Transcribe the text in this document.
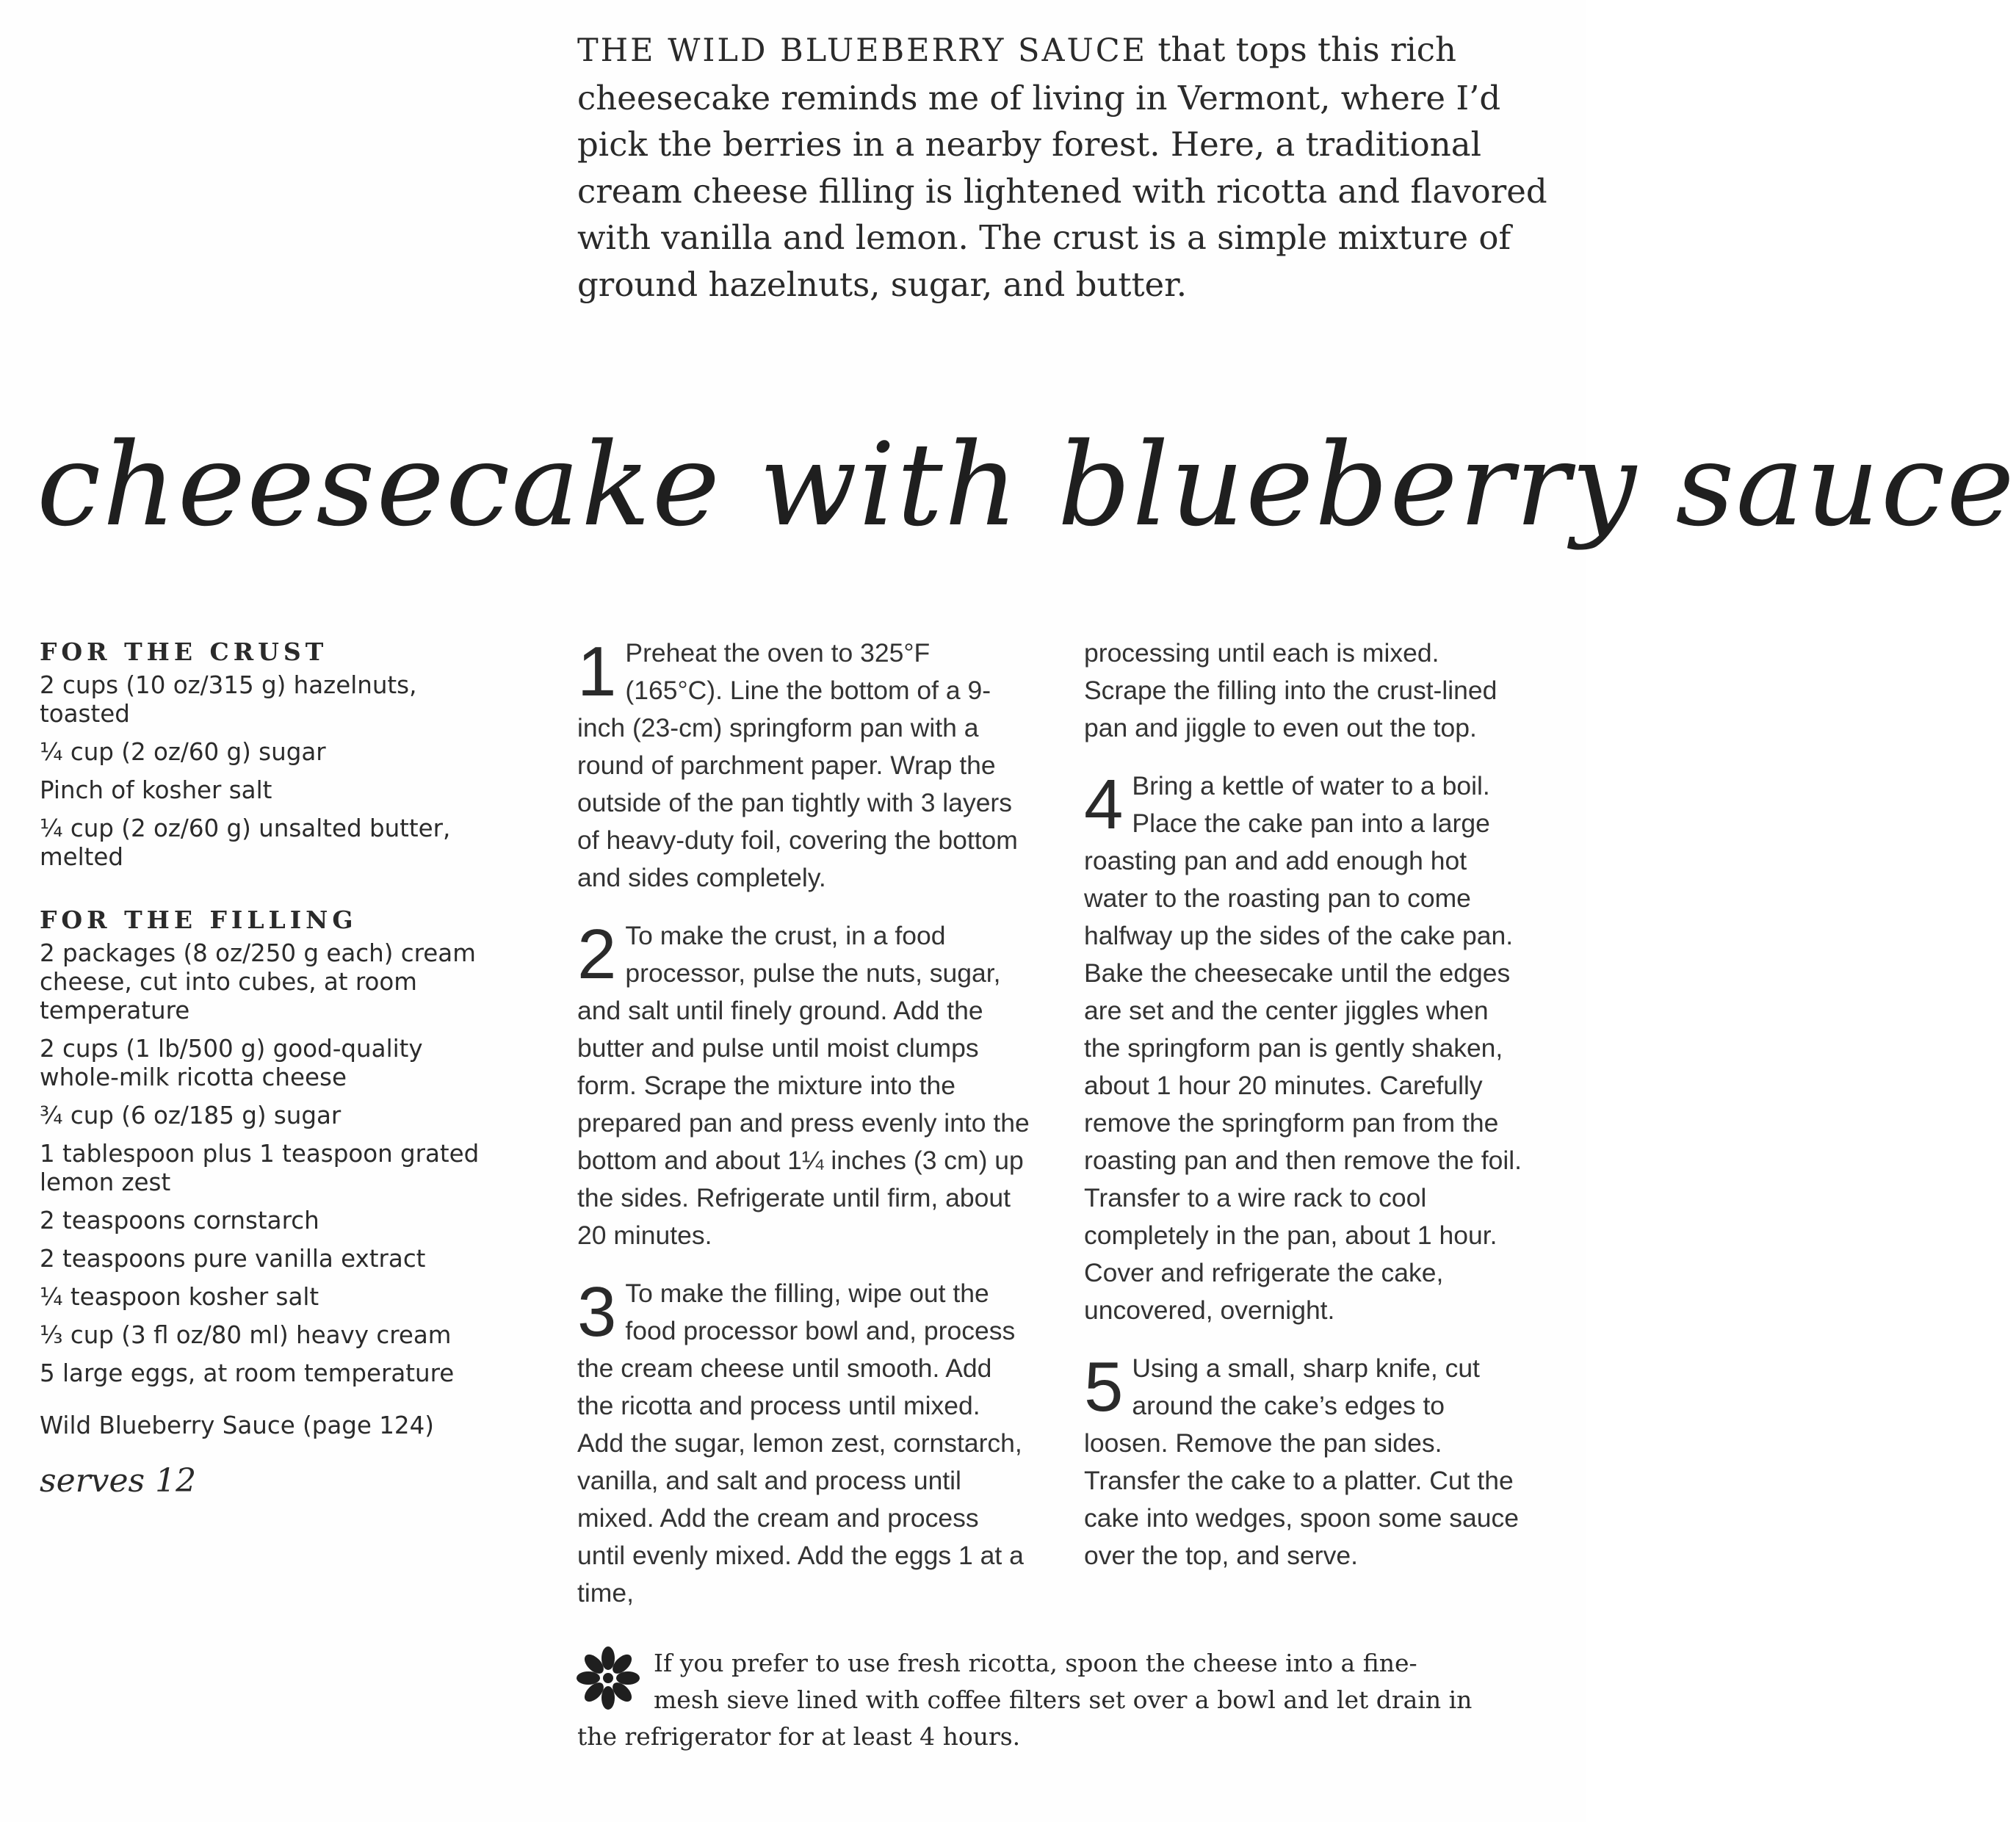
THE WILD BLUEBERRY SAUCE that tops this rich cheesecake reminds me of living in Vermont, where I’d pick the berries in a nearby forest. Here, a traditional cream cheese filling is lightened with ricotta and flavored with vanilla and lemon. The crust is a simple mixture of ground hazelnuts, sugar, and butter.

cheesecake with blueberry sauce
FOR THE CRUST
2 cups (10 oz/315 g) hazelnuts, toasted
¼ cup (2 oz/60 g) sugar
Pinch of kosher salt
¼ cup (2 oz/60 g) unsalted butter, melted
FOR THE FILLING
2 packages (8 oz/250 g each) cream cheese, cut into cubes, at room temperature
2 cups (1 lb/500 g) good-quality whole-milk ricotta cheese
¾ cup (6 oz/185 g) sugar
1 tablespoon plus 1 teaspoon grated lemon zest
2 teaspoons cornstarch
2 teaspoons pure vanilla extract
¼ teaspoon kosher salt
⅓ cup (3 fl oz/80 ml) heavy cream
5 large eggs, at room temperature

Wild Blueberry Sauce (page 124)

serves 12

1 Preheat the oven to 325°F (165°C). Line the bottom of a 9-inch (23-cm) springform pan with a round of parchment paper. Wrap the outside of the pan tightly with 3 layers of heavy-duty foil, covering the bottom and sides completely.

2 To make the crust, in a food processor, pulse the nuts, sugar, and salt until finely ground. Add the butter and pulse until moist clumps form. Scrape the mixture into the prepared pan and press evenly into the bottom and about 1¼ inches (3 cm) up the sides. Refrigerate until firm, about 20 minutes.

3 To make the filling, wipe out the food processor bowl and, process the cream cheese until smooth. Add the ricotta and process until mixed. Add the sugar, lemon zest, cornstarch, vanilla, and salt and process until mixed. Add the cream and process until evenly mixed. Add the eggs 1 at a time,

processing until each is mixed. Scrape the filling into the crust-lined pan and jiggle to even out the top.

4 Bring a kettle of water to a boil. Place the cake pan into a large roasting pan and add enough hot water to the roasting pan to come halfway up the sides of the cake pan. Bake the cheesecake until the edges are set and the center jiggles when the springform pan is gently shaken, about 1 hour 20 minutes. Carefully remove the springform pan from the roasting pan and then remove the foil. Transfer to a wire rack to cool completely in the pan, about 1 hour. Cover and refrigerate the cake, uncovered, overnight.

5 Using a small, sharp knife, cut around the cake’s edges to loosen. Remove the pan sides. Transfer the cake to a platter. Cut the cake into wedges, spoon some sauce over the top, and serve.

If you prefer to use fresh ricotta, spoon the cheese into a fine-mesh sieve lined with coffee filters set over a bowl and let drain in the refrigerator for at least 4 hours.
